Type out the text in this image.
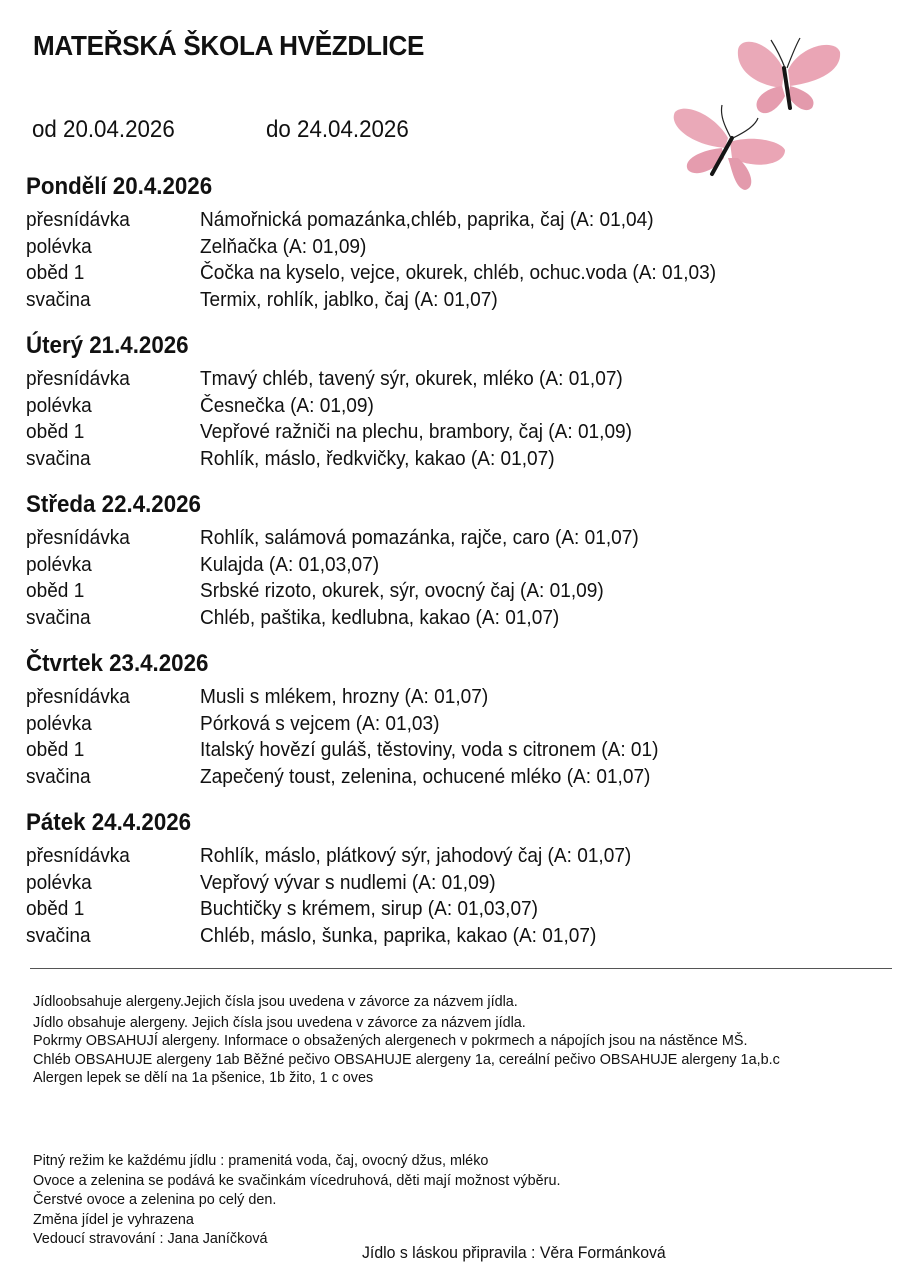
MATEŘSKÁ ŠKOLA HVĚZDLICE
od 20.04.2026	do 24.04.2026
Pondělí 20.4.2026
přesnídávka	Námořnická pomazánka,chléb, paprika, čaj (A: 01,04)
polévka	Zelňačka (A: 01,09)
oběd 1	Čočka na kyselo, vejce, okurek, chléb, ochuc.voda (A: 01,03)
svačina	Termix, rohlík, jablko, čaj (A: 01,07)
Úterý 21.4.2026
přesnídávka	Tmavý chléb, tavený sýr, okurek, mléko (A: 01,07)
polévka	Česnečka (A: 01,09)
oběd 1	Vepřové ražniči na plechu, brambory, čaj (A: 01,09)
svačina	Rohlík, máslo, ředkvičky, kakao (A: 01,07)
Středa 22.4.2026
přesnídávka	Rohlík, salámová pomazánka, rajče, caro (A: 01,07)
polévka	Kulajda (A: 01,03,07)
oběd 1	Srbské rizoto, okurek, sýr, ovocný čaj (A: 01,09)
svačina	Chléb, paštika, kedlubna, kakao (A: 01,07)
Čtvrtek 23.4.2026
přesnídávka	Musli s mlékem, hrozny (A: 01,07)
polévka	Pórková s vejcem (A: 01,03)
oběd 1	Italský hovězí guláš, těstoviny, voda s citronem (A: 01)
svačina	Zapečený toust, zelenina, ochucené mléko (A: 01,07)
Pátek 24.4.2026
přesnídávka	Rohlík, máslo, plátkový sýr, jahodový čaj (A: 01,07)
polévka	Vepřový vývar s nudlemi (A: 01,09)
oběd 1	Buchtičky s krémem, sirup (A: 01,03,07)
svačina	Chléb, máslo, šunka, paprika, kakao (A: 01,07)

Jídloobsahuje alergeny.Jejich čísla jsou uvedena v závorce za názvem jídla.

Jídlo obsahuje alergeny. Jejich čísla jsou uvedena v závorce za názvem jídla.

Pokrmy OBSAHUJÍ alergeny. Informace o obsažených alergenech v pokrmech a nápojích jsou na nástěnce MŠ.

Chléb OBSAHUJE alergeny 1ab Běžné pečivo OBSAHUJE alergeny 1a, cereální pečivo OBSAHUJE alergeny 1a,b.c

Alergen lepek se dělí na 1a pšenice, 1b žito, 1 c oves

Pitný režim ke každému jídlu : pramenitá voda, čaj, ovocný džus, mléko

Ovoce a zelenina se podává ke svačinkám vícedruhová, děti mají možnost výběru.

Čerstvé ovoce a zelenina po celý den.

Změna jídel je vyhrazena

Vedoucí stravování : Jana Janíčková

Jídlo s láskou připravila : Věra Formánková
